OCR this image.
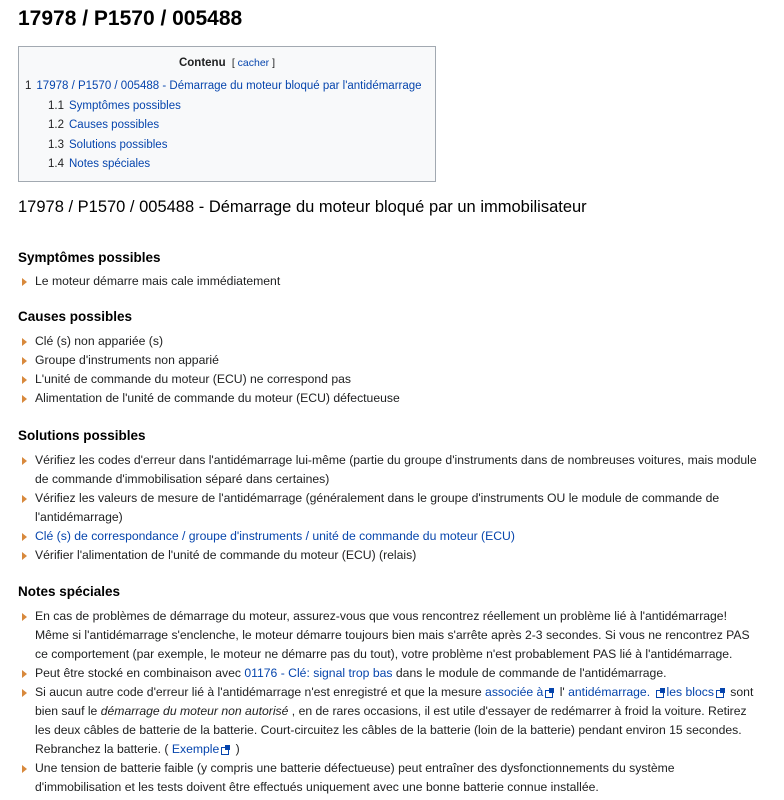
17978 / P1570 / 005488
Contenu [ cacher ]
1 17978 / P1570 / 005488 - Démarrage du moteur bloqué par l'antidémarrage
1.1 Symptômes possibles
1.2 Causes possibles
1.3 Solutions possibles
1.4 Notes spéciales
17978 / P1570 / 005488 - Démarrage du moteur bloqué par un immobilisateur
Symptômes possibles
Le moteur démarre mais cale immédiatement
Causes possibles
Clé (s) non appariée (s)
Groupe d'instruments non apparié
L'unité de commande du moteur (ECU) ne correspond pas
Alimentation de l'unité de commande du moteur (ECU) défectueuse
Solutions possibles
Vérifiez les codes d'erreur dans l'antidémarrage lui-même (partie du groupe d'instruments dans de nombreuses voitures, mais module de commande d'immobilisation séparé dans certaines)
Vérifiez les valeurs de mesure de l'antidémarrage (généralement dans le groupe d'instruments OU le module de commande de l'antidémarrage)
Clé (s) de correspondance / groupe d'instruments / unité de commande du moteur (ECU)
Vérifier l'alimentation de l'unité de commande du moteur (ECU) (relais)
Notes spéciales
En cas de problèmes de démarrage du moteur, assurez-vous que vous rencontrez réellement un problème lié à l'antidémarrage! Même si l'antidémarrage s'enclenche, le moteur démarre toujours bien mais s'arrête après 2-3 secondes. Si vous ne rencontrez PAS ce comportement (par exemple, le moteur ne démarre pas du tout), votre problème n'est probablement PAS lié à l'antidémarrage.
Peut être stocké en combinaison avec 01176 - Clé: signal trop bas dans le module de commande de l'antidémarrage.
Si aucun autre code d'erreur lié à l'antidémarrage n'est enregistré et que la mesure associée à l' antidémarrage. les blocs sont bien sauf le démarrage du moteur non autorisé , en de rares occasions, il est utile d'essayer de redémarrer à froid la voiture. Retirez les deux câbles de batterie de la batterie. Court-circuitez les câbles de la batterie (loin de la batterie) pendant environ 15 secondes. Rebranchez la batterie. ( Exemple )
Une tension de batterie faible (y compris une batterie défectueuse) peut entraîner des dysfonctionnements du système d'immobilisation et les tests doivent être effectués uniquement avec une bonne batterie connue installée.
